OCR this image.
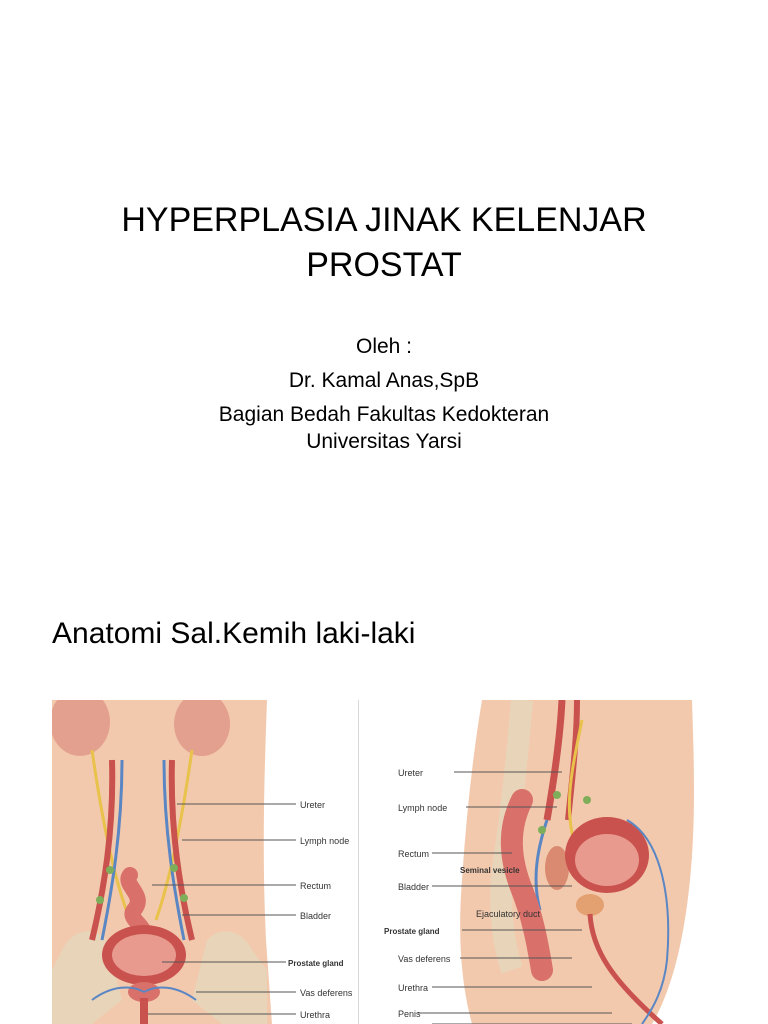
HYPERPLASIA JINAK KELENJAR
PROSTAT
Oleh :
Dr. Kamal Anas,SpB
Bagian Bedah Fakultas Kedokteran
Universitas Yarsi
Anatomi Sal.Kemih laki-laki
Ureter
Lymph node
Rectum
Bladder
Prostate gland
Vas deferens
Urethra
Ureter
Lymph node
Rectum
Seminal vesicle
Bladder
Ejaculatory duct
Prostate gland
Vas deferens
Urethra
Penis
